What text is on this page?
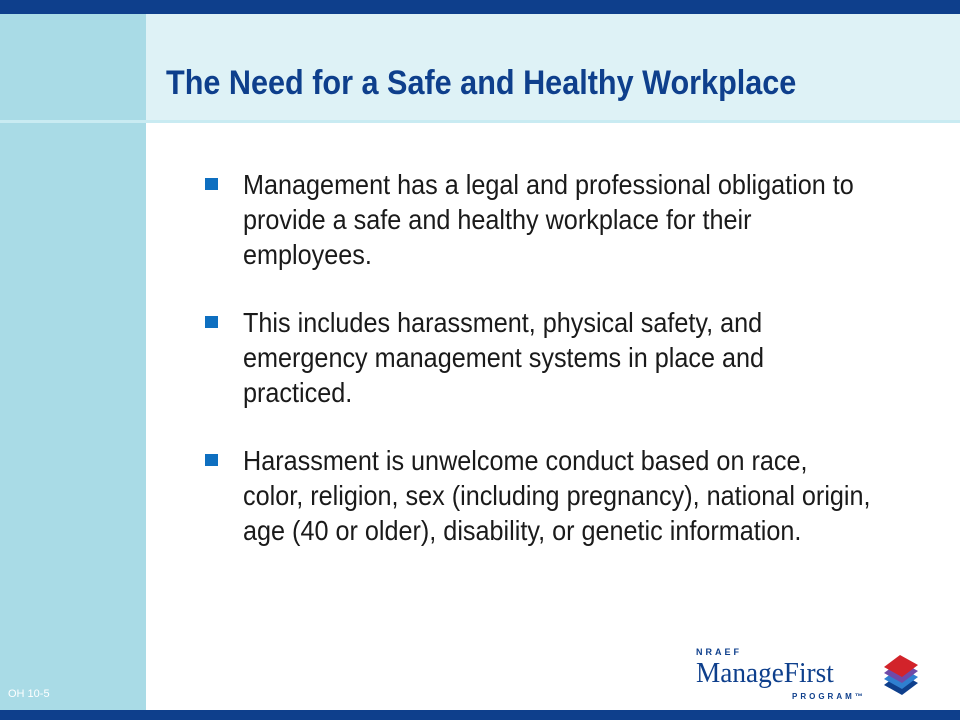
The Need for a Safe and Healthy Workplace
Management has a legal and professional obligation to provide a safe and healthy workplace for their employees.
This includes harassment, physical safety, and emergency management systems in place and practiced.
Harassment is unwelcome conduct based on race, color, religion, sex (including pregnancy), national origin, age (40 or older), disability, or genetic information.
OH 10-5
NRAEF
ManageFirst
PROGRAM™
